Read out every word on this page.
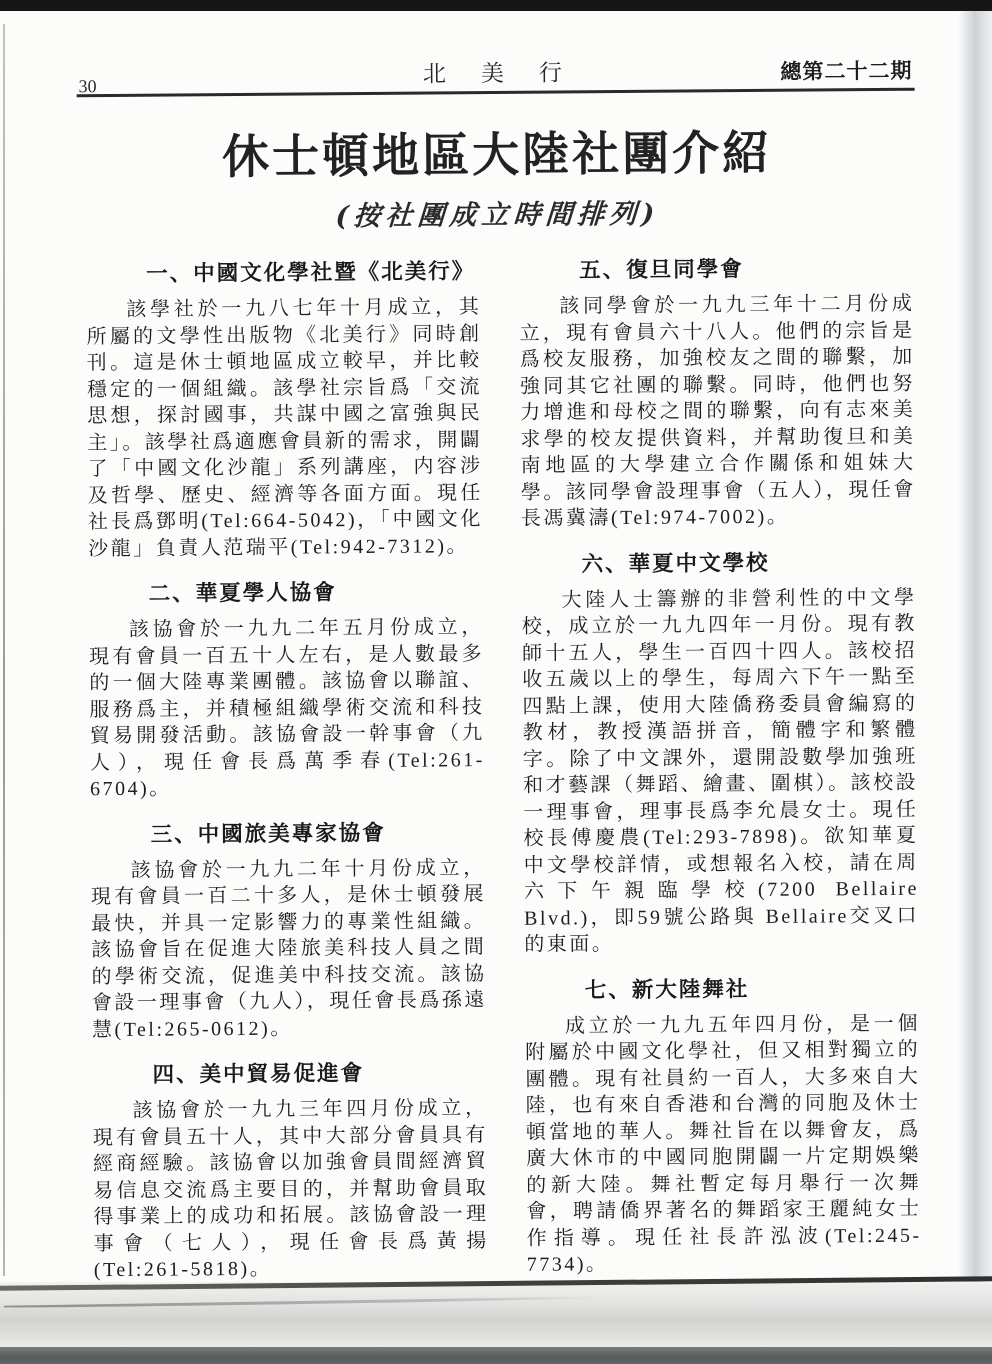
30	北　美　行	總第二十二期
休士頓地區大陸社團介紹
(按社團成立時間排列)
一、中國文化學社暨《北美行》

該學社於一九八七年十月成立，其所屬的文學性出版物《北美行》同時創刊。這是休士頓地區成立較早，并比較穩定的一個組織。該學社宗旨爲「交流思想，探討國事，共謀中國之富強與民主」。該學社爲適應會員新的需求，開闢了「中國文化沙龍」系列講座，内容涉及哲學、歷史、經濟等各面方面。現任社長爲鄧明(Tel:664-5042)，「中國文化沙龍」負責人范瑞平(Tel:942-7312)。

二、華夏學人協會

該協會於一九九二年五月份成立，現有會員一百五十人左右，是人數最多的一個大陸專業團體。該協會以聯誼、服務爲主，并積極組織學術交流和科技貿易開發活動。該協會設一幹事會（九人），現任會長爲萬季春(Tel:261-6704)。

三、中國旅美專家協會

該協會於一九九二年十月份成立，現有會員一百二十多人，是休士頓發展最快，并具一定影響力的專業性組織。該協會旨在促進大陸旅美科技人員之間的學術交流，促進美中科技交流。該協會設一理事會（九人），現任會長爲孫遠慧(Tel:265-0612)。

四、美中貿易促進會

該協會於一九九三年四月份成立，現有會員五十人，其中大部分會員具有經商經驗。該協會以加強會員間經濟貿易信息交流爲主要目的，并幫助會員取得事業上的成功和拓展。該協會設一理事會（七人），現任會長爲黃揚(Tel:261-5818)。

五、復旦同學會

該同學會於一九九三年十二月份成立，現有會員六十八人。他們的宗旨是爲校友服務，加強校友之間的聯繫，加強同其它社團的聯繫。同時，他們也努力增進和母校之間的聯繫，向有志來美求學的校友提供資料，并幫助復旦和美南地區的大學建立合作關係和姐妹大學。該同學會設理事會（五人），現任會長馮冀濤(Tel:974-7002)。

六、華夏中文學校

大陸人士籌辦的非營利性的中文學校，成立於一九九四年一月份。現有教師十五人，學生一百四十四人。該校招收五歲以上的學生，每周六下午一點至四點上課，使用大陸僑務委員會編寫的教材，教授漢語拼音，簡體字和繁體字。除了中文課外，還開設數學加強班和才藝課（舞蹈、繪畫、圍棋）。該校設一理事會，理事長爲李允晨女士。現任校長傅慶農(Tel:293-7898)。欲知華夏中文學校詳情，或想報名入校，請在周六下午親臨學校(7200 Bellaire Blvd.)，即59號公路與 Bellaire交叉口的東面。

七、新大陸舞社

成立於一九九五年四月份，是一個附屬於中國文化學社，但又相對獨立的團體。現有社員約一百人，大多來自大陸，也有來自香港和台灣的同胞及休士頓當地的華人。舞社旨在以舞會友，爲廣大休市的中國同胞開闢一片定期娛樂的新大陸。舞社暫定每月舉行一次舞會，聘請僑界著名的舞蹈家王麗純女士作指導。現任社長許泓波(Tel:245-7734)。
